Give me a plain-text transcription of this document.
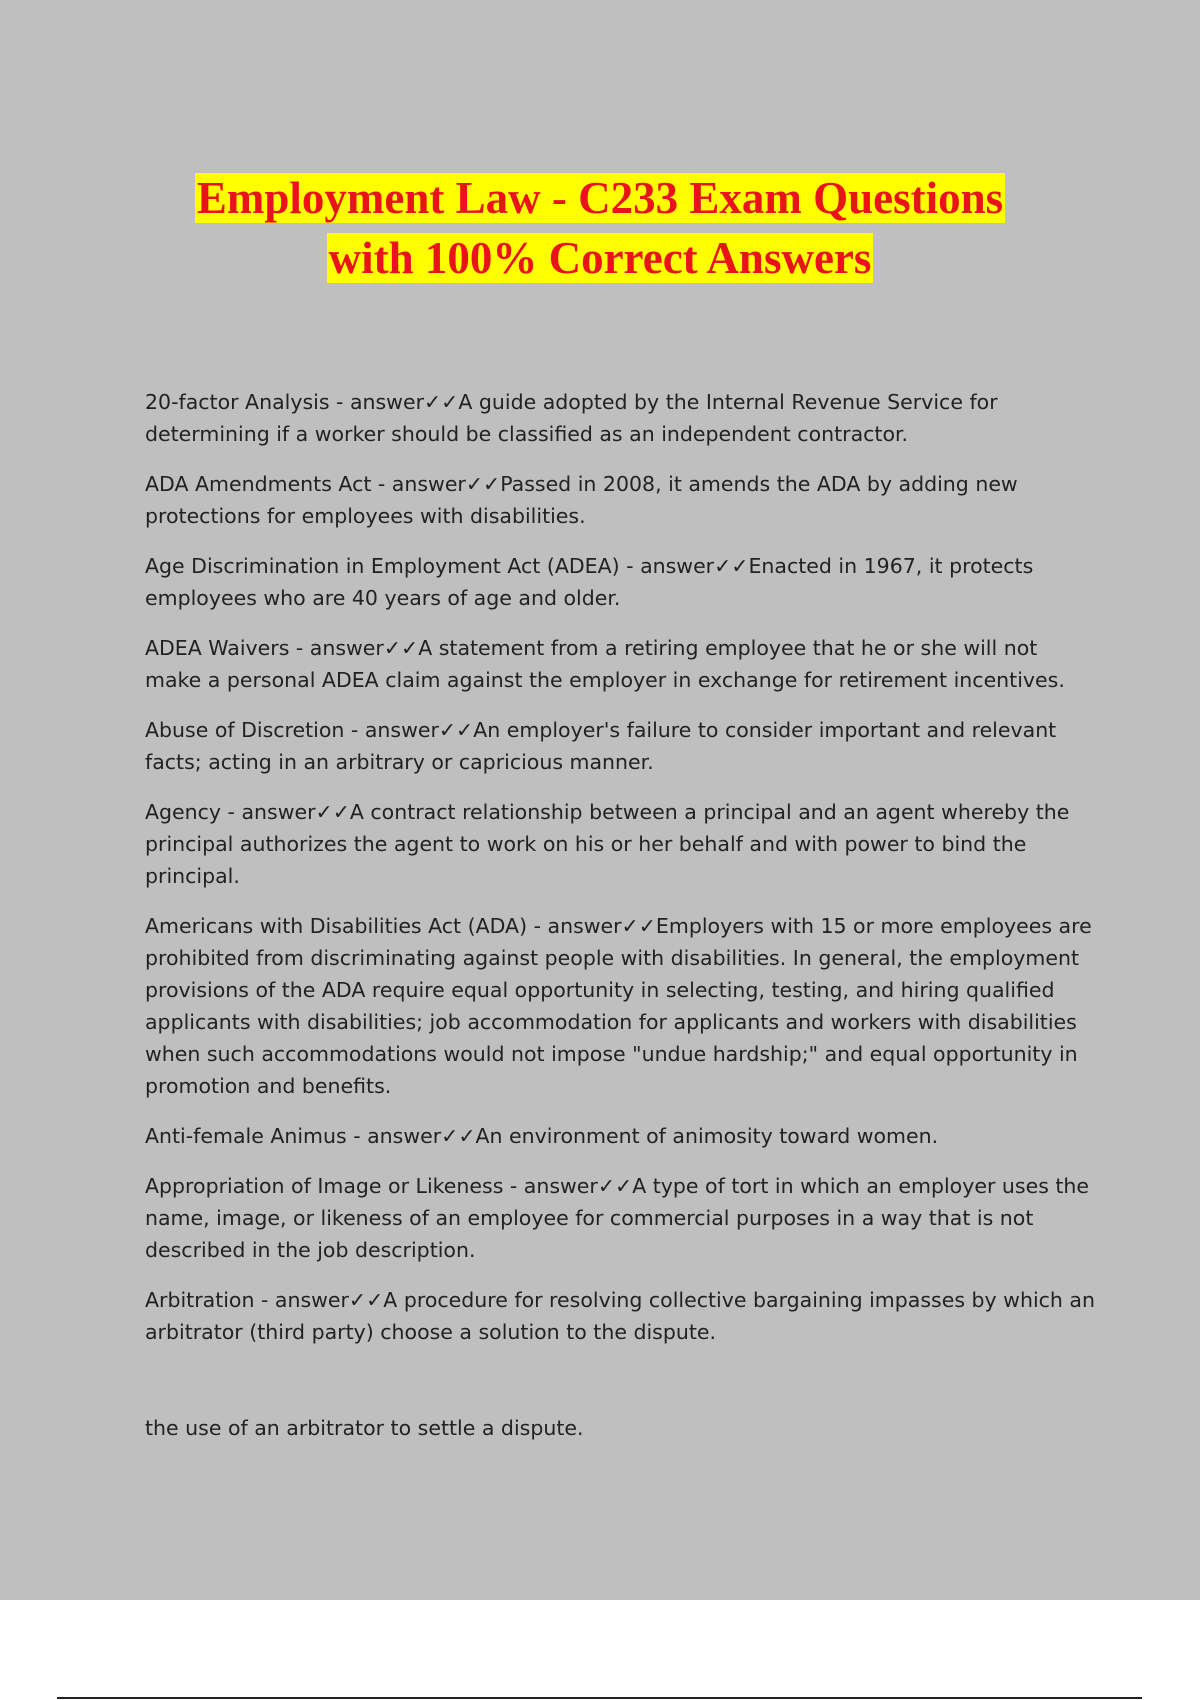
Employment Law - C233 Exam Questions
with 100% Correct Answers

20-factor Analysis - answer✓✓A guide adopted by the Internal Revenue Service for determining if a worker should be classified as an independent contractor.

ADA Amendments Act - answer✓✓Passed in 2008, it amends the ADA by adding new protections for employees with disabilities.

Age Discrimination in Employment Act (ADEA) - answer✓✓Enacted in 1967, it protects employees who are 40 years of age and older.

ADEA Waivers - answer✓✓A statement from a retiring employee that he or she will not make a personal ADEA claim against the employer in exchange for retirement incentives.

Abuse of Discretion - answer✓✓An employer's failure to consider important and relevant facts; acting in an arbitrary or capricious manner.

Agency - answer✓✓A contract relationship between a principal and an agent whereby the principal authorizes the agent to work on his or her behalf and with power to bind the principal.

Americans with Disabilities Act (ADA) - answer✓✓Employers with 15 or more employees are prohibited from discriminating against people with disabilities. In general, the employment provisions of the ADA require equal opportunity in selecting, testing, and hiring qualified applicants with disabilities; job accommodation for applicants and workers with disabilities when such accommodations would not impose "undue hardship;" and equal opportunity in promotion and benefits.

Anti-female Animus - answer✓✓An environment of animosity toward women.

Appropriation of Image or Likeness - answer✓✓A type of tort in which an employer uses the name, image, or likeness of an employee for commercial purposes in a way that is not described in the job description.

Arbitration - answer✓✓A procedure for resolving collective bargaining impasses by which an arbitrator (third party) choose a solution to the dispute.

the use of an arbitrator to settle a dispute.
